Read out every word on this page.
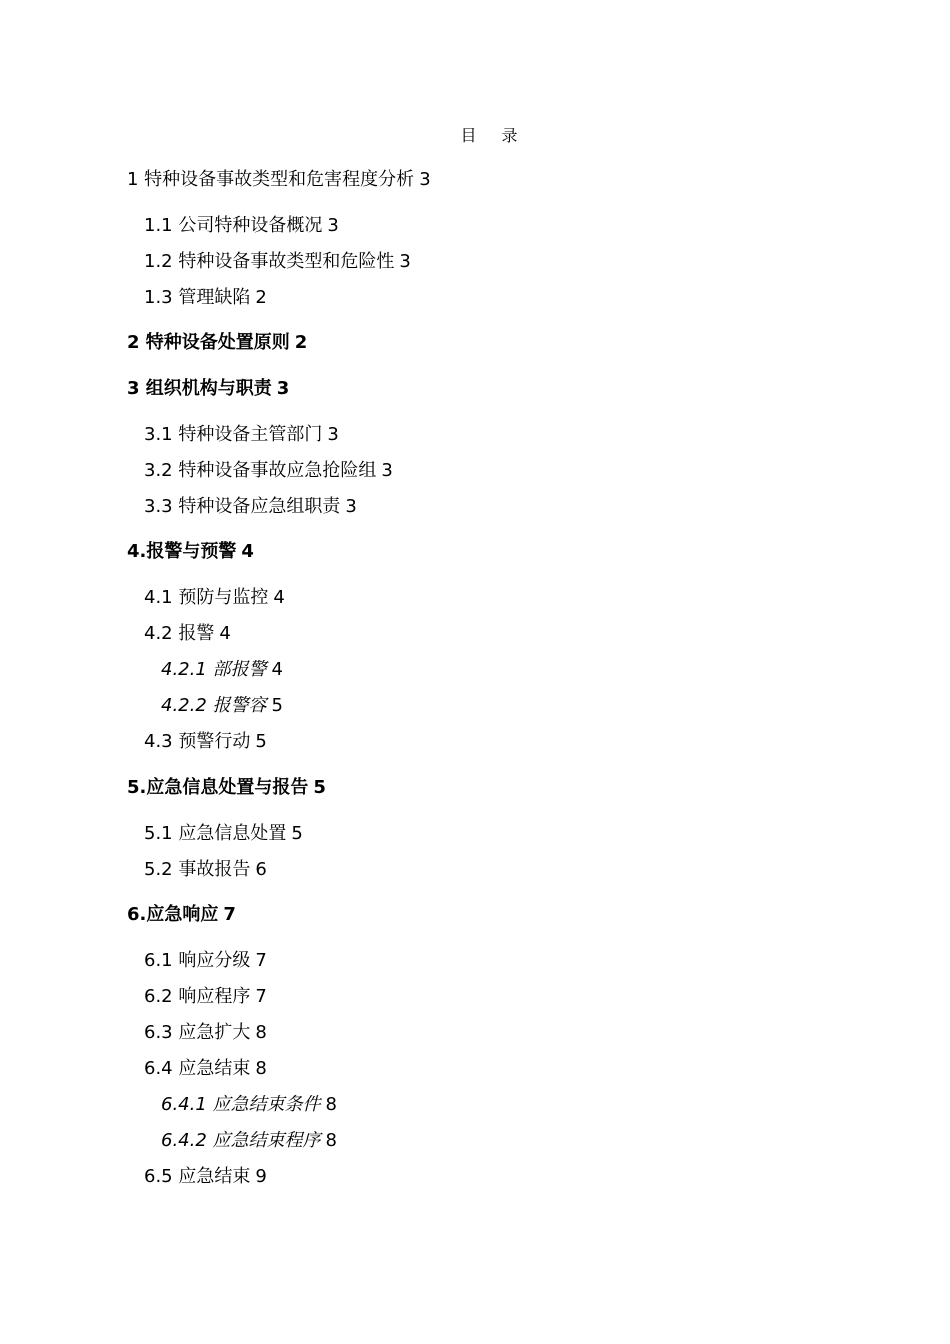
目 录
1 特种设备事故类型和危害程度分析 3
1.1 公司特种设备概况 3
1.2 特种设备事故类型和危险性 3
1.3 管理缺陷 2
2 特种设备处置原则 2
3 组织机构与职责 3
3.1 特种设备主管部门 3
3.2 特种设备事故应急抢险组 3
3.3 特种设备应急组职责 3
4.报警与预警 4
4.1 预防与监控 4
4.2 报警 4
4.2.1 部报警 4
4.2.2 报警容 5
4.3 预警行动 5
5.应急信息处置与报告 5
5.1 应急信息处置 5
5.2 事故报告 6
6.应急响应 7
6.1 响应分级 7
6.2 响应程序 7
6.3 应急扩大 8
6.4 应急结束 8
6.4.1 应急结束条件 8
6.4.2 应急结束程序 8
6.5 应急结束 9
